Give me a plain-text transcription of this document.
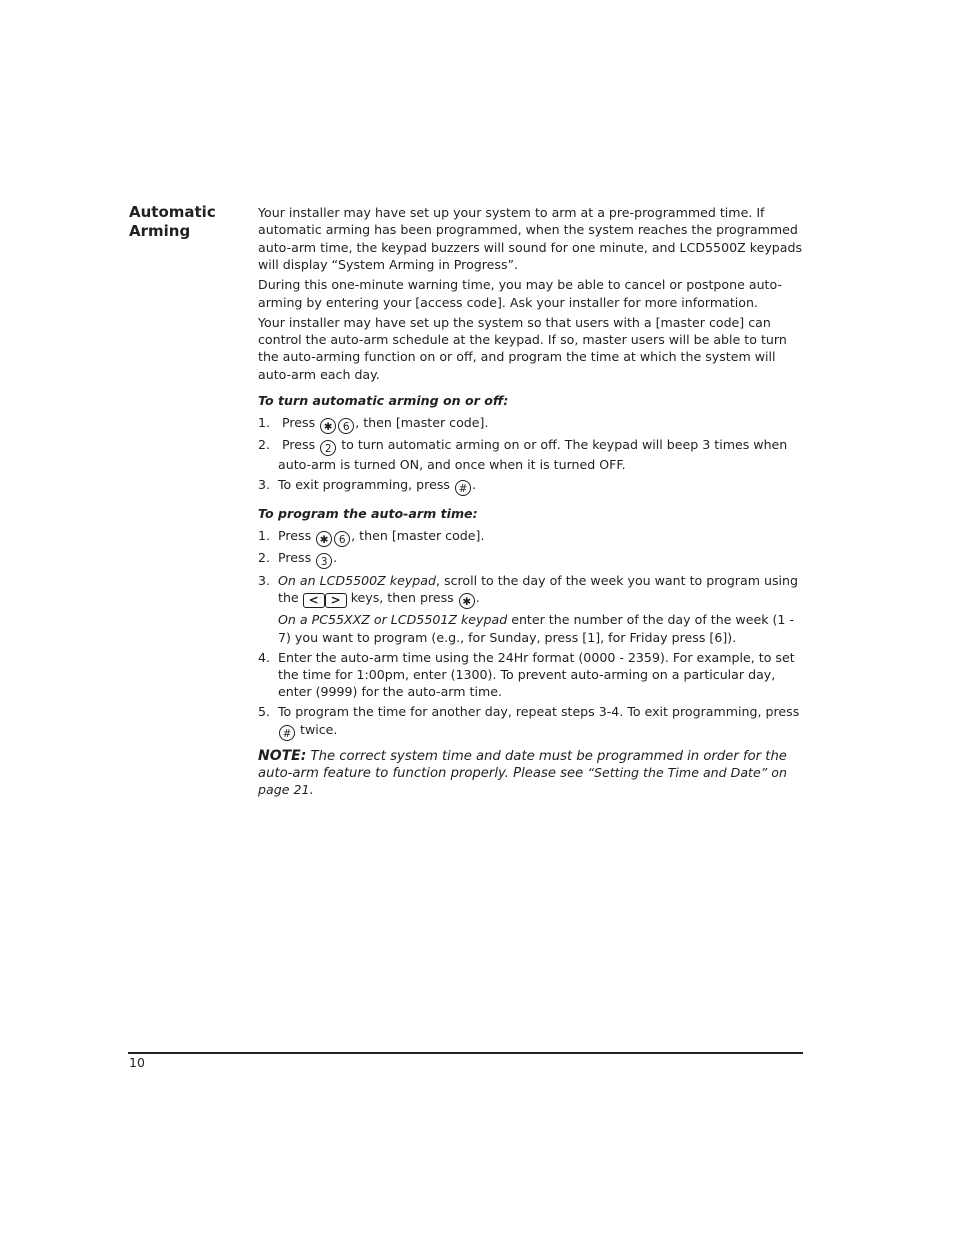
Automatic
Arming

Your installer may have set up your system to arm at a pre-programmed time. If automatic arming has been programmed, when the system reaches the programmed auto-arm time, the keypad buzzers will sound for one minute, and LCD5500Z keypads will display “System Arming in Progress”.

During this one-minute warning time, you may be able to cancel or postpone auto-arming by entering your [access code]. Ask your installer for more information.

Your installer may have set up the system so that users with a [master code] can control the auto-arm schedule at the keypad. If so, master users will be able to turn the auto-arming function on or off, and program the time at which the system will auto-arm each day.

To turn automatic arming on or off:

1. Press ✱ 6 , then [master code].
2. Press 2 to turn automatic arming on or off. The keypad will beep 3 times when auto-arm is turned ON, and once when it is turned OFF.
3. To exit programming, press # .

To program the auto-arm time:

1. Press ✱ 6 , then [master code].
2. Press 3 .
3. On an LCD5500Z keypad, scroll to the day of the week you want to program using the < > keys, then press ✱ .
On a PC55XXZ or LCD5501Z keypad enter the number of the day of the week (1 - 7) you want to program (e.g., for Sunday, press [1], for Friday press [6]).
4. Enter the auto-arm time using the 24Hr format (0000 - 2359). For example, to set the time for 1:00pm, enter (1300). To prevent auto-arming on a particular day, enter (9999) for the auto-arm time.
5. To program the time for another day, repeat steps 3-4. To exit programming, press # twice.

NOTE: The correct system time and date must be programmed in order for the auto-arm feature to function properly. Please see “Setting the Time and Date” on page 21.

10
